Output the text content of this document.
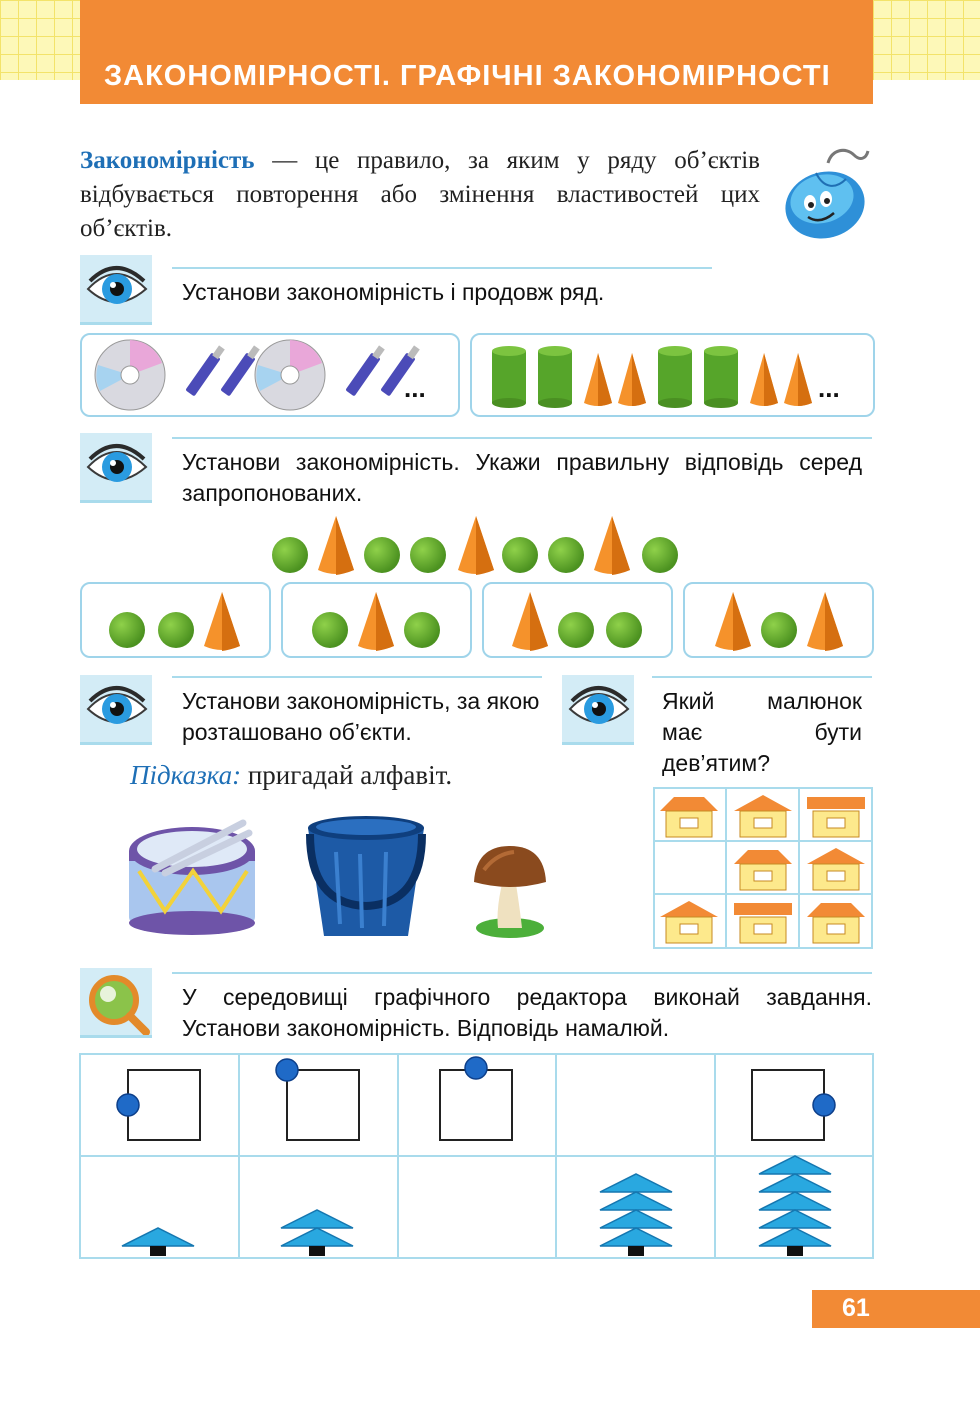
ЗАКОНОМІРНОСТІ. ГРАФІЧНІ ЗАКОНОМІРНОСТІ
Закономірність — це правило, за яким у ряду об’єктів відбувається повторення або змінення властивостей цих об’єктів.
Установи закономірність і продовж ряд.
...	...
Установи закономірність. Укажи правильну відповідь серед запропонованих.
Установи закономірність, за якою розташовано об’єкти.
Підказка: пригадай алфавіт.
Який малюнок має бути дев’ятим?
У середовищі графічного редактора виконай завдання. Установи закономірність. Відповідь намалюй.
61
